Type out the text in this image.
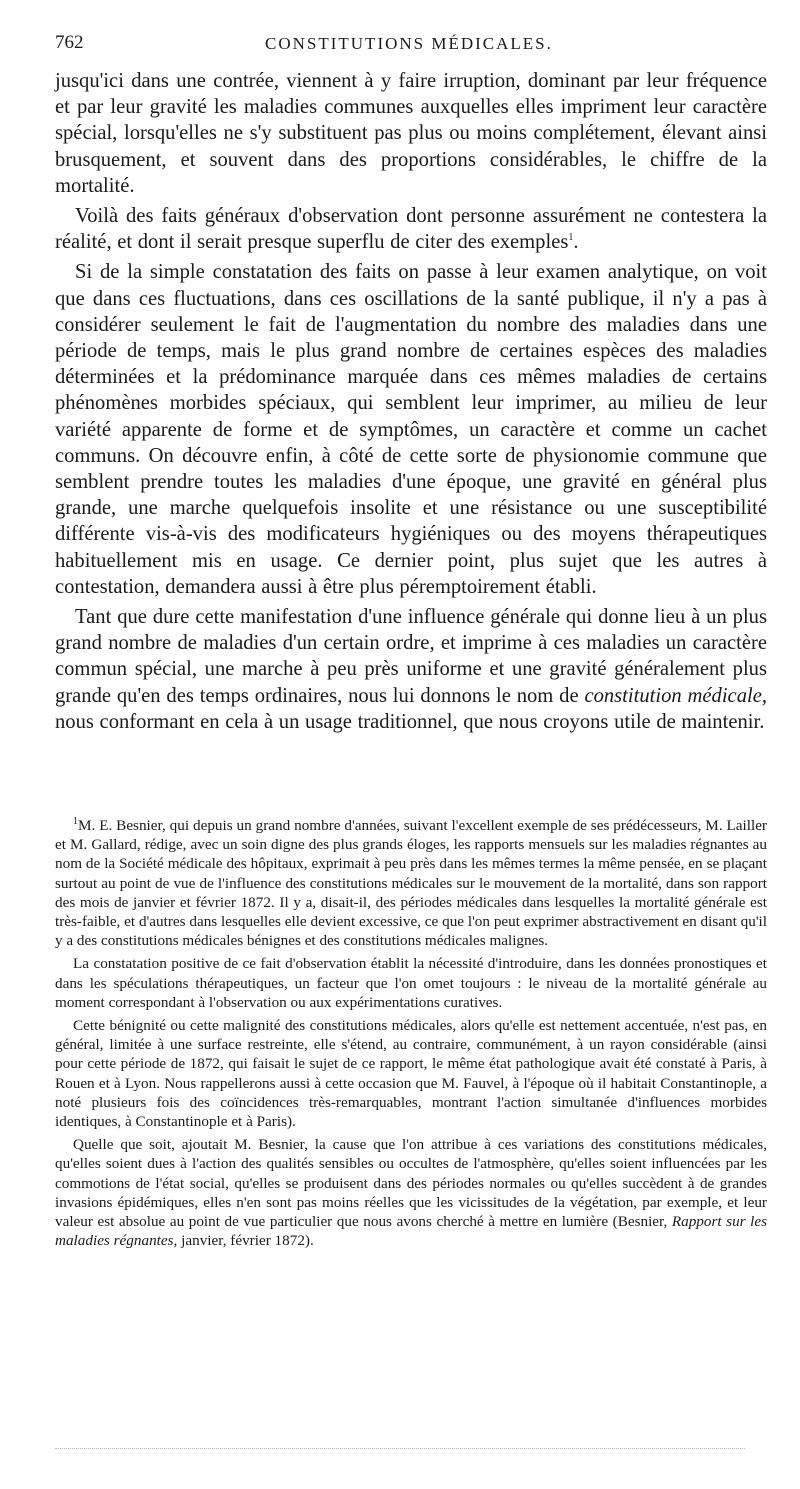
762	CONSTITUTIONS MÉDICALES.

jusqu'ici dans une contrée, viennent à y faire irruption, dominant par leur fréquence et par leur gravité les maladies communes auxquelles elles impriment leur caractère spécial, lorsqu'elles ne s'y substituent pas plus ou moins complétement, élevant ainsi brusquement, et souvent dans des proportions considérables, le chiffre de la mortalité.

Voilà des faits généraux d'observation dont personne assurément ne contestera la réalité, et dont il serait presque superflu de citer des exemples$^1$.

Si de la simple constatation des faits on passe à leur examen analytique, on voit que dans ces fluctuations, dans ces oscillations de la santé publique, il n'y a pas à considérer seulement le fait de l'augmentation du nombre des maladies dans une période de temps, mais le plus grand nombre de certaines espèces des maladies déterminées et la prédominance marquée dans ces mêmes maladies de certains phénomènes morbides spéciaux, qui semblent leur imprimer, au milieu de leur variété apparente de forme et de symptômes, un caractère et comme un cachet communs. On découvre enfin, à côté de cette sorte de physionomie commune que semblent prendre toutes les maladies d'une époque, une gravité en général plus grande, une marche quelquefois insolite et une résistance ou une susceptibilité différente vis-à-vis des modificateurs hygiéniques ou des moyens thérapeutiques habituellement mis en usage. Ce dernier point, plus sujet que les autres à contestation, demandera aussi à être plus péremptoirement établi.

Tant que dure cette manifestation d'une influence générale qui donne lieu à un plus grand nombre de maladies d'un certain ordre, et imprime à ces maladies un caractère commun spécial, une marche à peu près uniforme et une gravité généralement plus grande qu'en des temps ordinaires, nous lui donnons le nom de constitution médicale, nous conformant en cela à un usage traditionnel, que nous croyons utile de maintenir.

$^1$M. E. Besnier, qui depuis un grand nombre d'années, suivant l'excellent exemple de ses prédécesseurs, M. Lailler et M. Gallard, rédige, avec un soin digne des plus grands éloges, les rapports mensuels sur les maladies régnantes au nom de la Société médicale des hôpitaux, exprimait à peu près dans les mêmes termes la même pensée, en se plaçant surtout au point de vue de l'influence des constitutions médicales sur le mouvement de la mortalité, dans son rapport des mois de janvier et février 1872. Il y a, disait-il, des périodes médicales dans lesquelles la mortalité générale est très-faible, et d'autres dans lesquelles elle devient excessive, ce que l'on peut exprimer abstractivement en disant qu'il y a des constitutions médicales bénignes et des constitutions médicales malignes.

La constatation positive de ce fait d'observation établit la nécessité d'introduire, dans les données pronostiques et dans les spéculations thérapeutiques, un facteur que l'on omet toujours : le niveau de la mortalité générale au moment correspondant à l'observation ou aux expérimentations curatives.

Cette bénignité ou cette malignité des constitutions médicales, alors qu'elle est nettement accentuée, n'est pas, en général, limitée à une surface restreinte, elle s'étend, au contraire, communément, à un rayon considérable (ainsi pour cette période de 1872, qui faisait le sujet de ce rapport, le même état pathologique avait été constaté à Paris, à Rouen et à Lyon. Nous rappellerons aussi à cette occasion que M. Fauvel, à l'époque où il habitait Constantinople, a noté plusieurs fois des coïncidences très-remarquables, montrant l'action simultanée d'influences morbides identiques, à Constantinople et à Paris).

Quelle que soit, ajoutait M. Besnier, la cause que l'on attribue à ces variations des constitutions médicales, qu'elles soient dues à l'action des qualités sensibles ou occultes de l'atmosphère, qu'elles soient influencées par les commotions de l'état social, qu'elles se produisent dans des périodes normales ou qu'elles succèdent à de grandes invasions épidémiques, elles n'en sont pas moins réelles que les vicissitudes de la végétation, par exemple, et leur valeur est absolue au point de vue particulier que nous avons cherché à mettre en lumière (Besnier, Rapport sur les maladies régnantes, janvier, février 1872).
